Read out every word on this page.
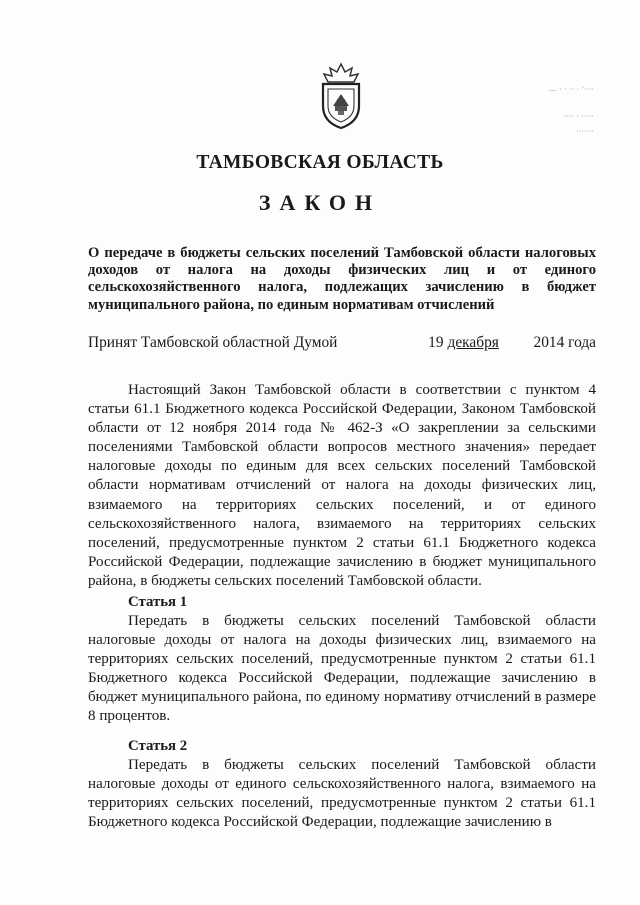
— · · ·· · '····
···· · ·····
·······
ТАМБОВСКАЯ ОБЛАСТЬ
ЗАКОН
О передаче в бюджеты сельских поселений Тамбовской области налоговых доходов от налога на доходы физических лиц и от единого сельскохозяйственного налога, подлежащих зачислению в бюджет муниципального района, по единым нормативам отчислений
Принят Тамбовской областной Думой	19 декабря 2014 года

Настоящий Закон Тамбовской области в соответствии с пунктом 4 статьи 61.1 Бюджетного кодекса Российской Федерации, Законом Тамбовской области от 12 ноября 2014 года № 462-З «О закреплении за сельскими поселениями Тамбовской области вопросов местного значения» передает налоговые доходы по единым для всех сельских поселений Тамбовской области нормативам отчислений от налога на доходы физических лиц, взимаемого на территориях сельских поселений, и от единого сельскохозяйственного налога, взимаемого на территориях сельских поселений, предусмотренные пунктом 2 статьи 61.1 Бюджетного кодекса Российской Федерации, подлежащие зачислению в бюджет муниципального района, в бюджеты сельских поселений Тамбовской области.

Статья 1

Передать в бюджеты сельских поселений Тамбовской области налоговые доходы от налога на доходы физических лиц, взимаемого на территориях сельских поселений, предусмотренные пунктом 2 статьи 61.1 Бюджетного кодекса Российской Федерации, подлежащие зачислению в бюджет муниципального района, по единому нормативу отчислений в размере 8 процентов.

Статья 2

Передать в бюджеты сельских поселений Тамбовской области налоговые доходы от единого сельскохозяйственного налога, взимаемого на территориях сельских поселений, предусмотренные пунктом 2 статьи 61.1 Бюджетного кодекса Российской Федерации, подлежащие зачислению в
